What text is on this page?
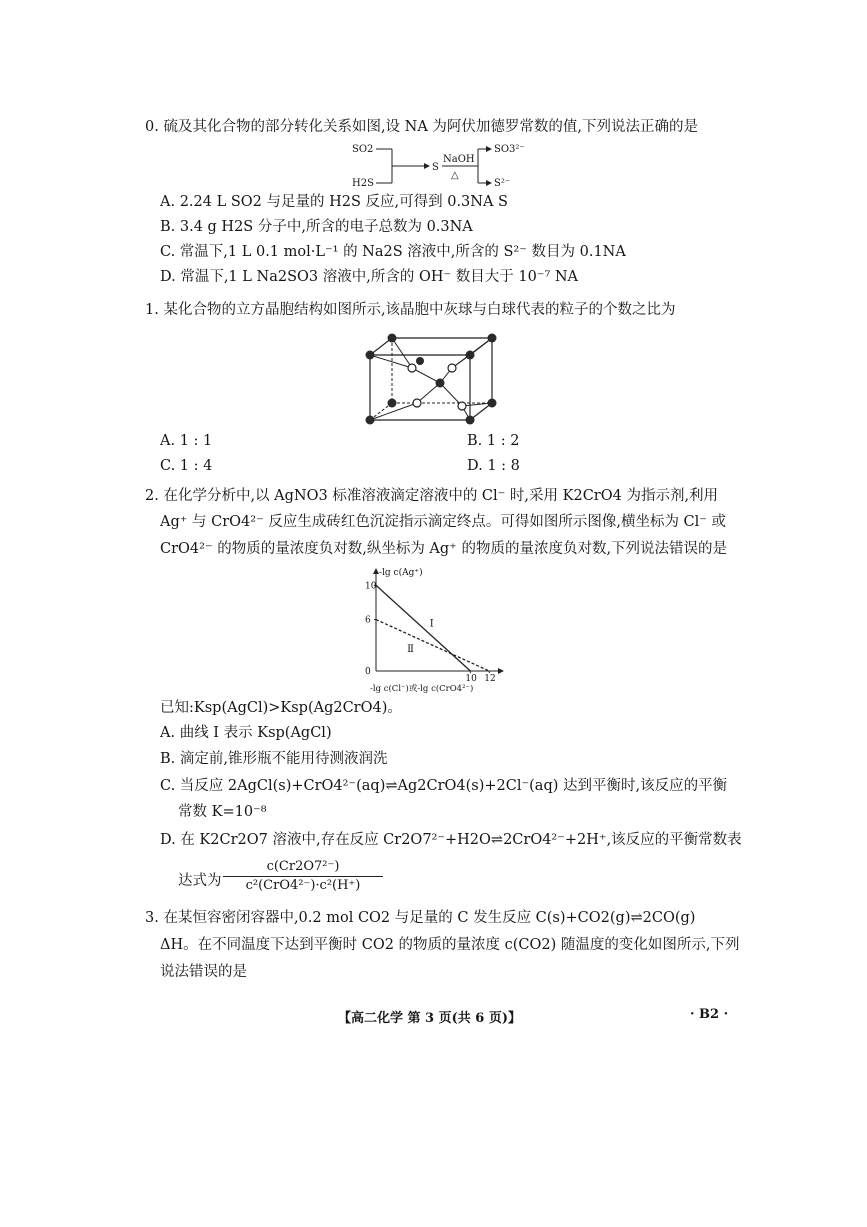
0. 硫及其化合物的部分转化关系如图,设 NA 为阿伏加德罗常数的值,下列说法正确的是
SO2
H2S
S
NaOH
△
SO3²⁻
S²⁻
A. 2.24 L SO2 与足量的 H2S 反应,可得到 0.3NA S
B. 3.4 g H2S 分子中,所含的电子总数为 0.3NA
C. 常温下,1 L 0.1 mol·L⁻¹ 的 Na2S 溶液中,所含的 S²⁻ 数目为 0.1NA
D. 常温下,1 L Na2SO3 溶液中,所含的 OH⁻ 数目大于 10⁻⁷ NA
1. 某化合物的立方晶胞结构如图所示,该晶胞中灰球与白球代表的粒子的个数之比为
A. 1 : 1	B. 1 : 2
C. 1 : 4	D. 1 : 8
2. 在化学分析中,以 AgNO3 标准溶液滴定溶液中的 Cl⁻ 时,采用 K2CrO4 为指示剂,利用
Ag⁺ 与 CrO4²⁻ 反应生成砖红色沉淀指示滴定终点。可得如图所示图像,横坐标为 Cl⁻ 或
CrO4²⁻ 的物质的量浓度负对数,纵坐标为 Ag⁺ 的物质的量浓度负对数,下列说法错误的是
-lg c(Ag⁺)
-lg c(Cl⁻)或-lg c(CrO4²⁻)
10
6
0
10 12
Ⅰ
Ⅱ
已知:Ksp(AgCl)>Ksp(Ag2CrO4)。
A. 曲线 Ⅰ 表示 Ksp(AgCl)
B. 滴定前,锥形瓶不能用待测液润洗
C. 当反应 2AgCl(s)+CrO4²⁻(aq)⇌Ag2CrO4(s)+2Cl⁻(aq) 达到平衡时,该反应的平衡
常数 K=10⁻⁸
D. 在 K2Cr2O7 溶液中,存在反应 Cr2O7²⁻+H2O⇌2CrO4²⁻+2H⁺,该反应的平衡常数表
达式为
c(Cr2O7²⁻)
c²(CrO4²⁻)·c²(H⁺)
3. 在某恒容密闭容器中,0.2 mol CO2 与足量的 C 发生反应 C(s)+CO2(g)⇌2CO(g)
ΔH。在不同温度下达到平衡时 CO2 的物质的量浓度 c(CO2) 随温度的变化如图所示,下列
说法错误的是
【高二化学 第 3 页(共 6 页)】	· B2 ·
